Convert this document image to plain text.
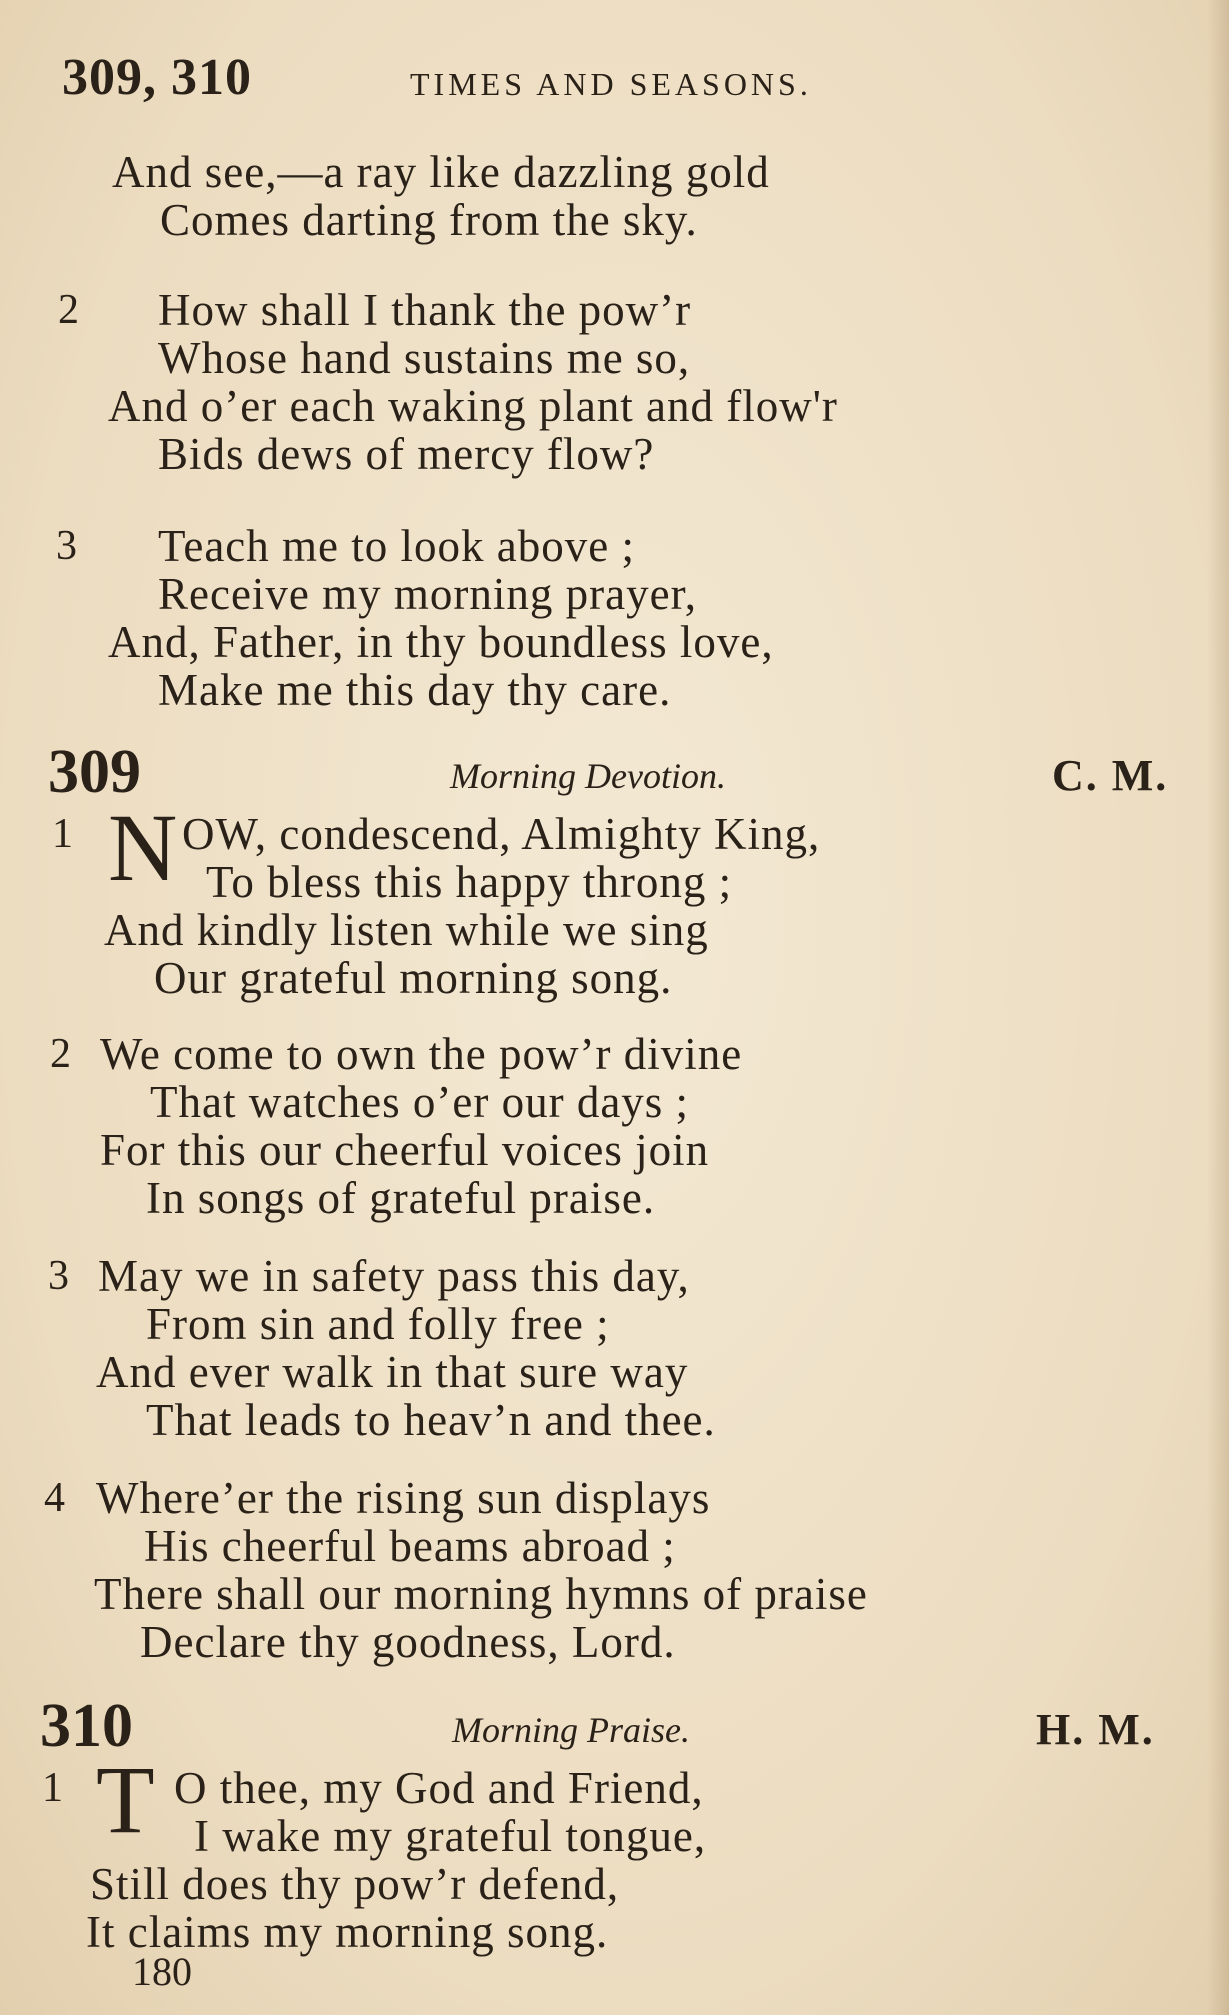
309, 310	TIMES AND SEASONS.
And see,—a ray like dazzling gold
Comes darting from the sky.
2 How shall I thank the pow’r
Whose hand sustains me so,
And o’er each waking plant and flow'r
Bids dews of mercy flow?
3 Teach me to look above ;
Receive my morning prayer,
And, Father, in thy boundless love,
Make me this day thy care.
309	Morning Devotion.	C. M.
1 N OW, condescend, Almighty King,
To bless this happy throng ;
And kindly listen while we sing
Our grateful morning song.
2 We come to own the pow’r divine
That watches o’er our days ;
For this our cheerful voices join
In songs of grateful praise.
3 May we in safety pass this day,
From sin and folly free ;
And ever walk in that sure way
That leads to heav’n and thee.
4 Where’er the rising sun displays
His cheerful beams abroad ;
There shall our morning hymns of praise
Declare thy goodness, Lord.
310	Morning Praise.	H. M.
1 T O thee, my God and Friend,
I wake my grateful tongue,
Still does thy pow’r defend,
It claims my morning song.
180
